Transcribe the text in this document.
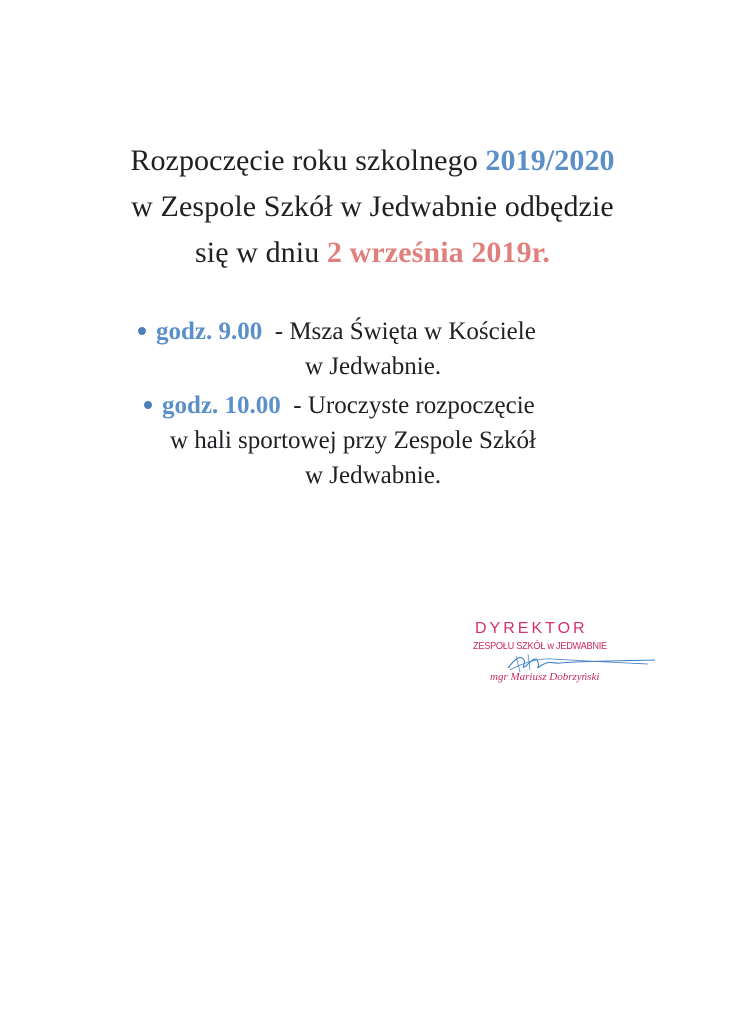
Rozpoczęcie roku szkolnego 2019/2020
w Zespole Szkół w Jedwabnie odbędzie
się w dniu 2 września 2019r.
godz. 9.00  - Msza Święta w Kościele
w Jedwabnie.
godz. 10.00  - Uroczyste rozpoczęcie
w hali sportowej przy Zespole Szkół
w Jedwabnie.
DYREKTOR
ZESPOŁU SZKÓŁ w JEDWABNIE
mgr Mariusz Dobrzyński
